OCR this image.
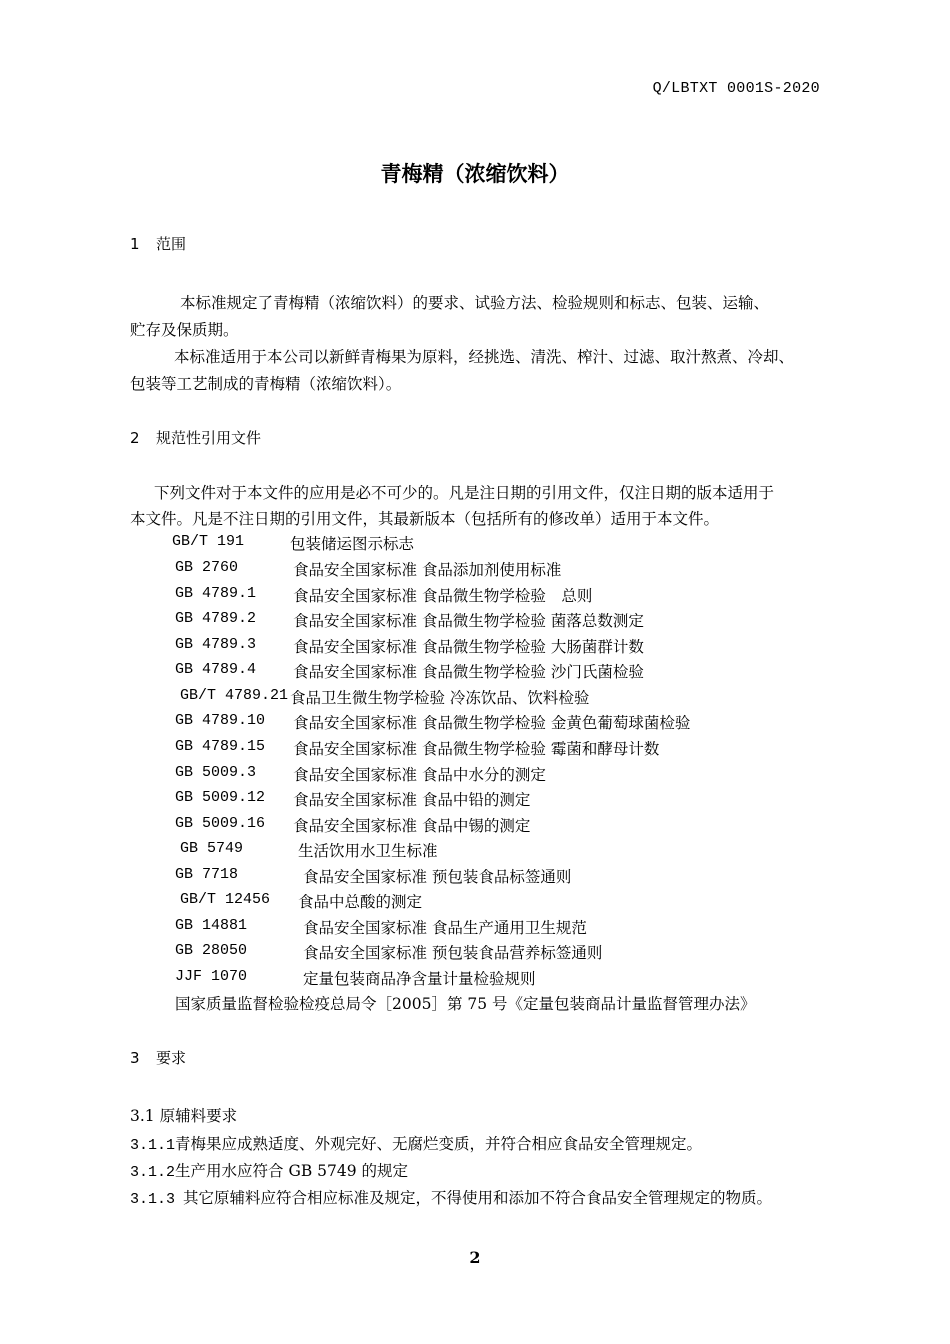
Q/LBTXT 0001S-2020
青梅精（浓缩饮料）
1 范围
本标准规定了青梅精（浓缩饮料）的要求、试验方法、检验规则和标志、包装、运输、
贮存及保质期。
本标准适用于本公司以新鲜青梅果为原料，经挑选、清洗、榨汁、过滤、取汁熬煮、冷却、
包装等工艺制成的青梅精（浓缩饮料）。
2 规范性引用文件
下列文件对于本文件的应用是必不可少的。凡是注日期的引用文件，仅注日期的版本适用于
本文件。凡是不注日期的引用文件，其最新版本（包括所有的修改单）适用于本文件。
GB/T 191	包装储运图示标志
GB 2760	食品安全国家标准 食品添加剂使用标准
GB 4789.1 食品安全国家标准 食品微生物学检验　总则
GB 4789.2 食品安全国家标准 食品微生物学检验 菌落总数测定
GB 4789.3 食品安全国家标准 食品微生物学检验 大肠菌群计数
GB 4789.4 食品安全国家标准 食品微生物学检验 沙门氏菌检验
GB/T 4789.21 食品卫生微生物学检验 冷冻饮品、饮料检验
GB 4789.10 食品安全国家标准 食品微生物学检验 金黄色葡萄球菌检验
GB 4789.15 食品安全国家标准 食品微生物学检验 霉菌和酵母计数
GB 5009.3 食品安全国家标准 食品中水分的测定
GB 5009.12 食品安全国家标准 食品中铅的测定
GB 5009.16 食品安全国家标准 食品中锡的测定
GB 5749	生活饮用水卫生标准
GB 7718	食品安全国家标准 预包装食品标签通则
GB/T 12456 食品中总酸的测定
GB 14881	食品安全国家标准 食品生产通用卫生规范
GB 28050	食品安全国家标准 预包装食品营养标签通则
JJF 1070	定量包装商品净含量计量检验规则
国家质量监督检验检疫总局令［2005］第 75 号《定量包装商品计量监督管理办法》
3 要求
3.1 原辅料要求
3.1.1青梅果应成熟适度、外观完好、无腐烂变质，并符合相应食品安全管理规定。
3.1.2生产用水应符合 GB 5749 的规定
3.1.3 其它原辅料应符合相应标准及规定，不得使用和添加不符合食品安全管理规定的物质。
2
